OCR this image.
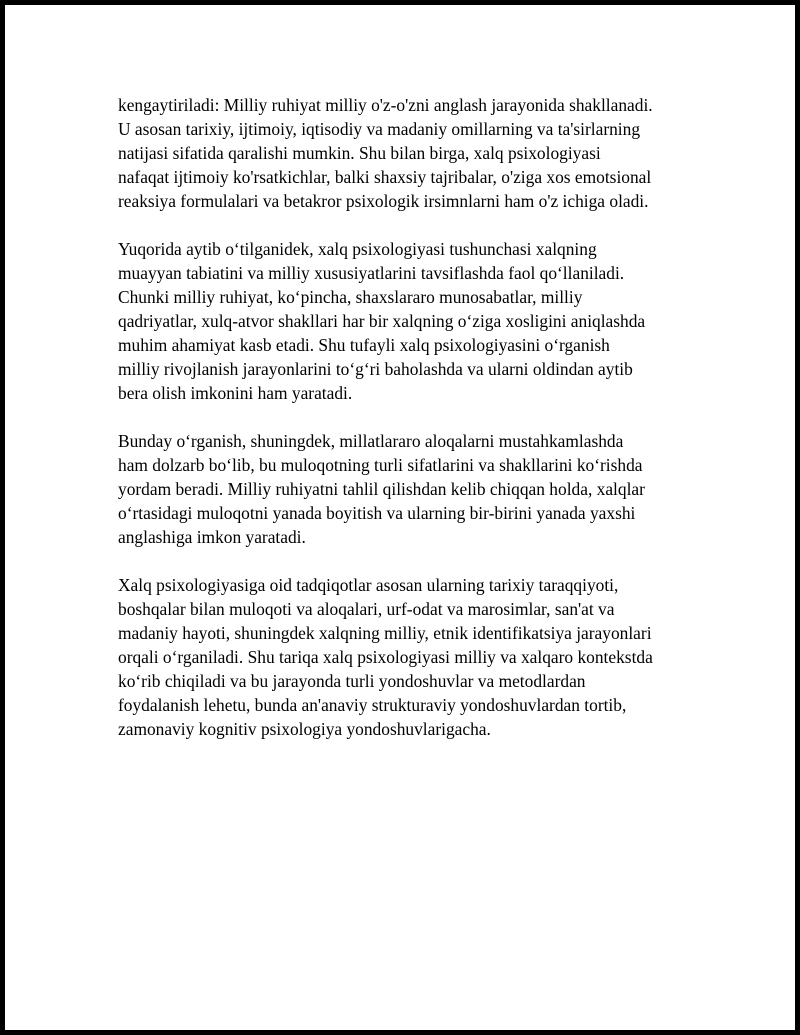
kengaytiriladi: Milliy ruhiyat milliy o'z-o'zni anglash jarayonida shakllanadi.
U asosan tarixiy, ijtimoiy, iqtisodiy va madaniy omillarning va ta'sirlarning
natijasi sifatida qaralishi mumkin. Shu bilan birga, xalq psixologiyasi
nafaqat ijtimoiy ko'rsatkichlar, balki shaxsiy tajribalar, o'ziga xos emotsional
reaksiya formulalari va betakror psixologik irsimnlarni ham o'z ichiga oladi.

Yuqorida aytib o‘tilganidek, xalq psixologiyasi tushunchasi xalqning
muayyan tabiatini va milliy xususiyatlarini tavsiflashda faol qo‘llaniladi.
Chunki milliy ruhiyat, ko‘pincha, shaxslararo munosabatlar, milliy
qadriyatlar, xulq-atvor shakllari har bir xalqning o‘ziga xosligini aniqlashda
muhim ahamiyat kasb etadi. Shu tufayli xalq psixologiyasini o‘rganish
milliy rivojlanish jarayonlarini to‘g‘ri baholashda va ularni oldindan aytib
bera olish imkonini ham yaratadi.

Bunday o‘rganish, shuningdek, millatlararo aloqalarni mustahkamlashda
ham dolzarb bo‘lib, bu muloqotning turli sifatlarini va shakllarini ko‘rishda
yordam beradi. Milliy ruhiyatni tahlil qilishdan kelib chiqqan holda, xalqlar
o‘rtasidagi muloqotni yanada boyitish va ularning bir-birini yanada yaxshi
anglashiga imkon yaratadi.

Xalq psixologiyasiga oid tadqiqotlar asosan ularning tarixiy taraqqiyoti,
boshqalar bilan muloqoti va aloqalari, urf-odat va marosimlar, san'at va
madaniy hayoti, shuningdek xalqning milliy, etnik identifikatsiya jarayonlari
orqali o‘rganiladi. Shu tariqa xalq psixologiyasi milliy va xalqaro kontekstda
ko‘rib chiqiladi va bu jarayonda turli yondoshuvlar va metodlardan
foydalanish lehetu, bunda an'anaviy strukturaviy yondoshuvlardan tortib,
zamonaviy kognitiv psixologiya yondoshuvlarigacha.
